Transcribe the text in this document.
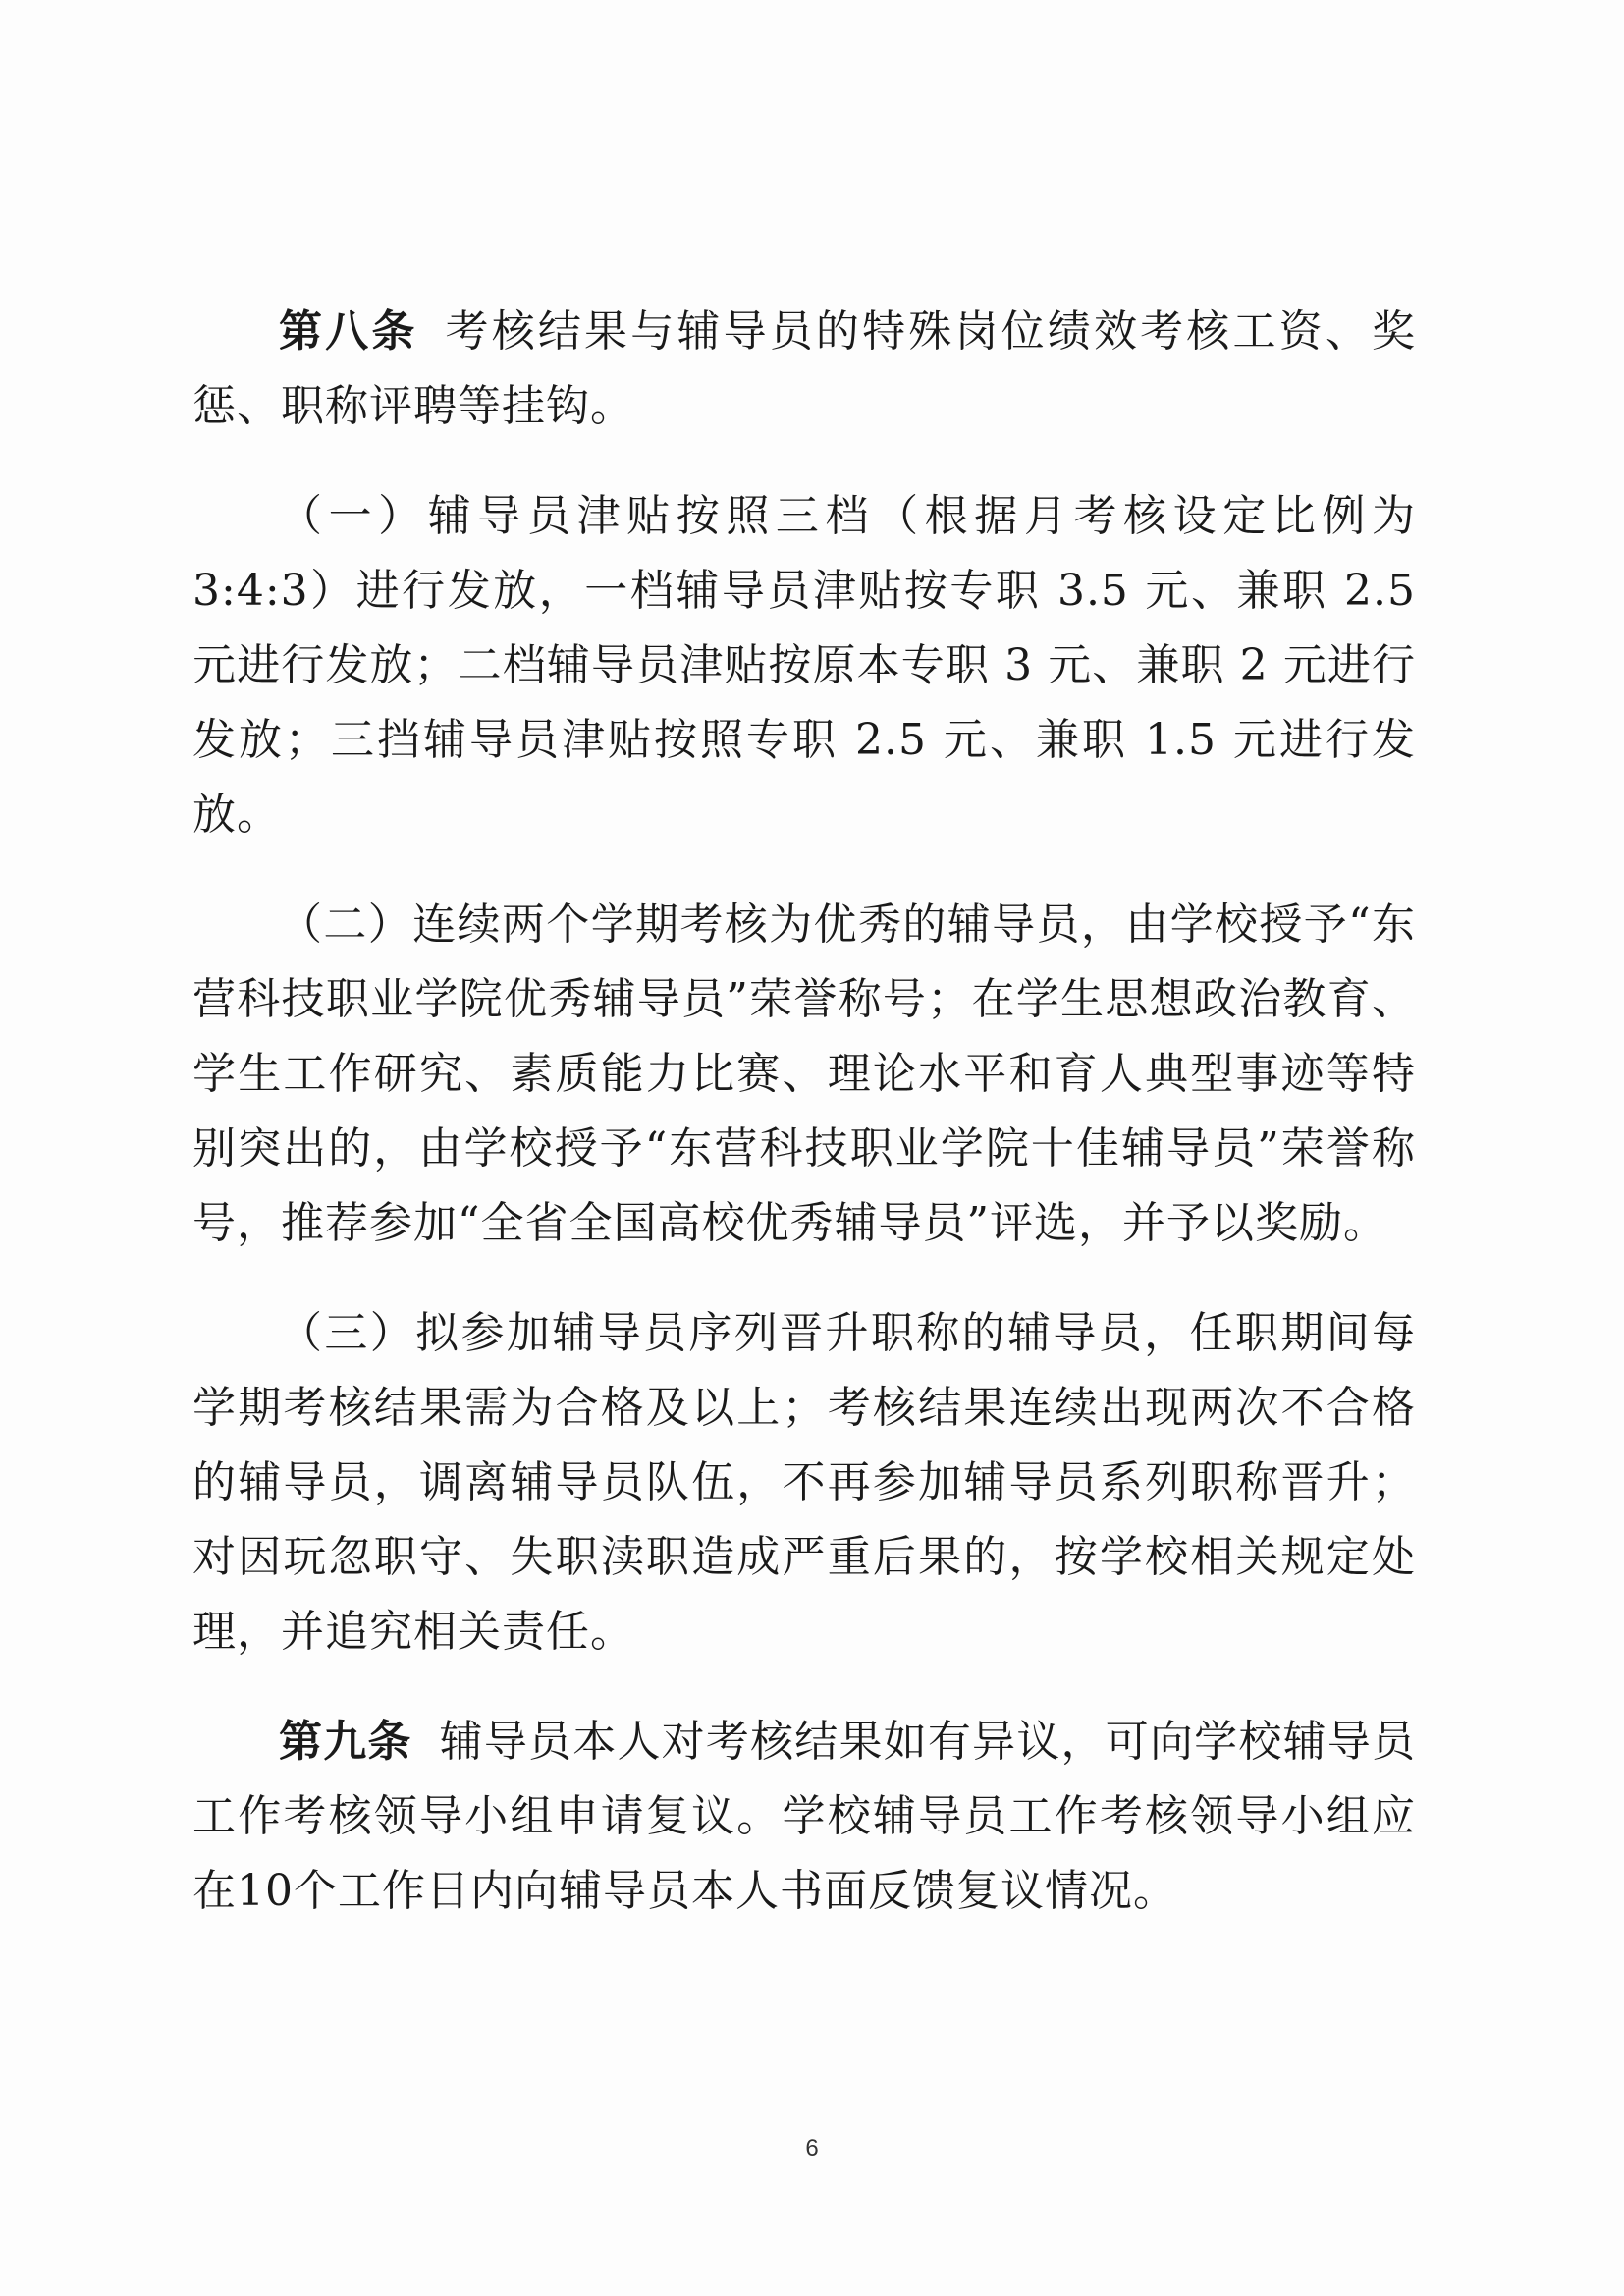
第八条 考核结果与辅导员的特殊岗位绩效考核工资、奖惩、职称评聘等挂钩。

（一）辅导员津贴按照三档（根据月考核设定比例为 3:4:3）进行发放，一档辅导员津贴按专职 3.5 元、兼职 2.5 元进行发放；二档辅导员津贴按原本专职 3 元、兼职 2 元进行发放；三挡辅导员津贴按照专职 2.5 元、兼职 1.5 元进行发放。

（二）连续两个学期考核为优秀的辅导员，由学校授予“东营科技职业学院优秀辅导员”荣誉称号；在学生思想政治教育、学生工作研究、素质能力比赛、理论水平和育人典型事迹等特别突出的，由学校授予“东营科技职业学院十佳辅导员”荣誉称号，推荐参加“全省全国高校优秀辅导员”评选，并予以奖励。

（三）拟参加辅导员序列晋升职称的辅导员，任职期间每学期考核结果需为合格及以上；考核结果连续出现两次不合格的辅导员，调离辅导员队伍，不再参加辅导员系列职称晋升；对因玩忽职守、失职渎职造成严重后果的，按学校相关规定处理，并追究相关责任。

第九条 辅导员本人对考核结果如有异议，可向学校辅导员工作考核领导小组申请复议。学校辅导员工作考核领导小组应在10个工作日内向辅导员本人书面反馈复议情况。

6
